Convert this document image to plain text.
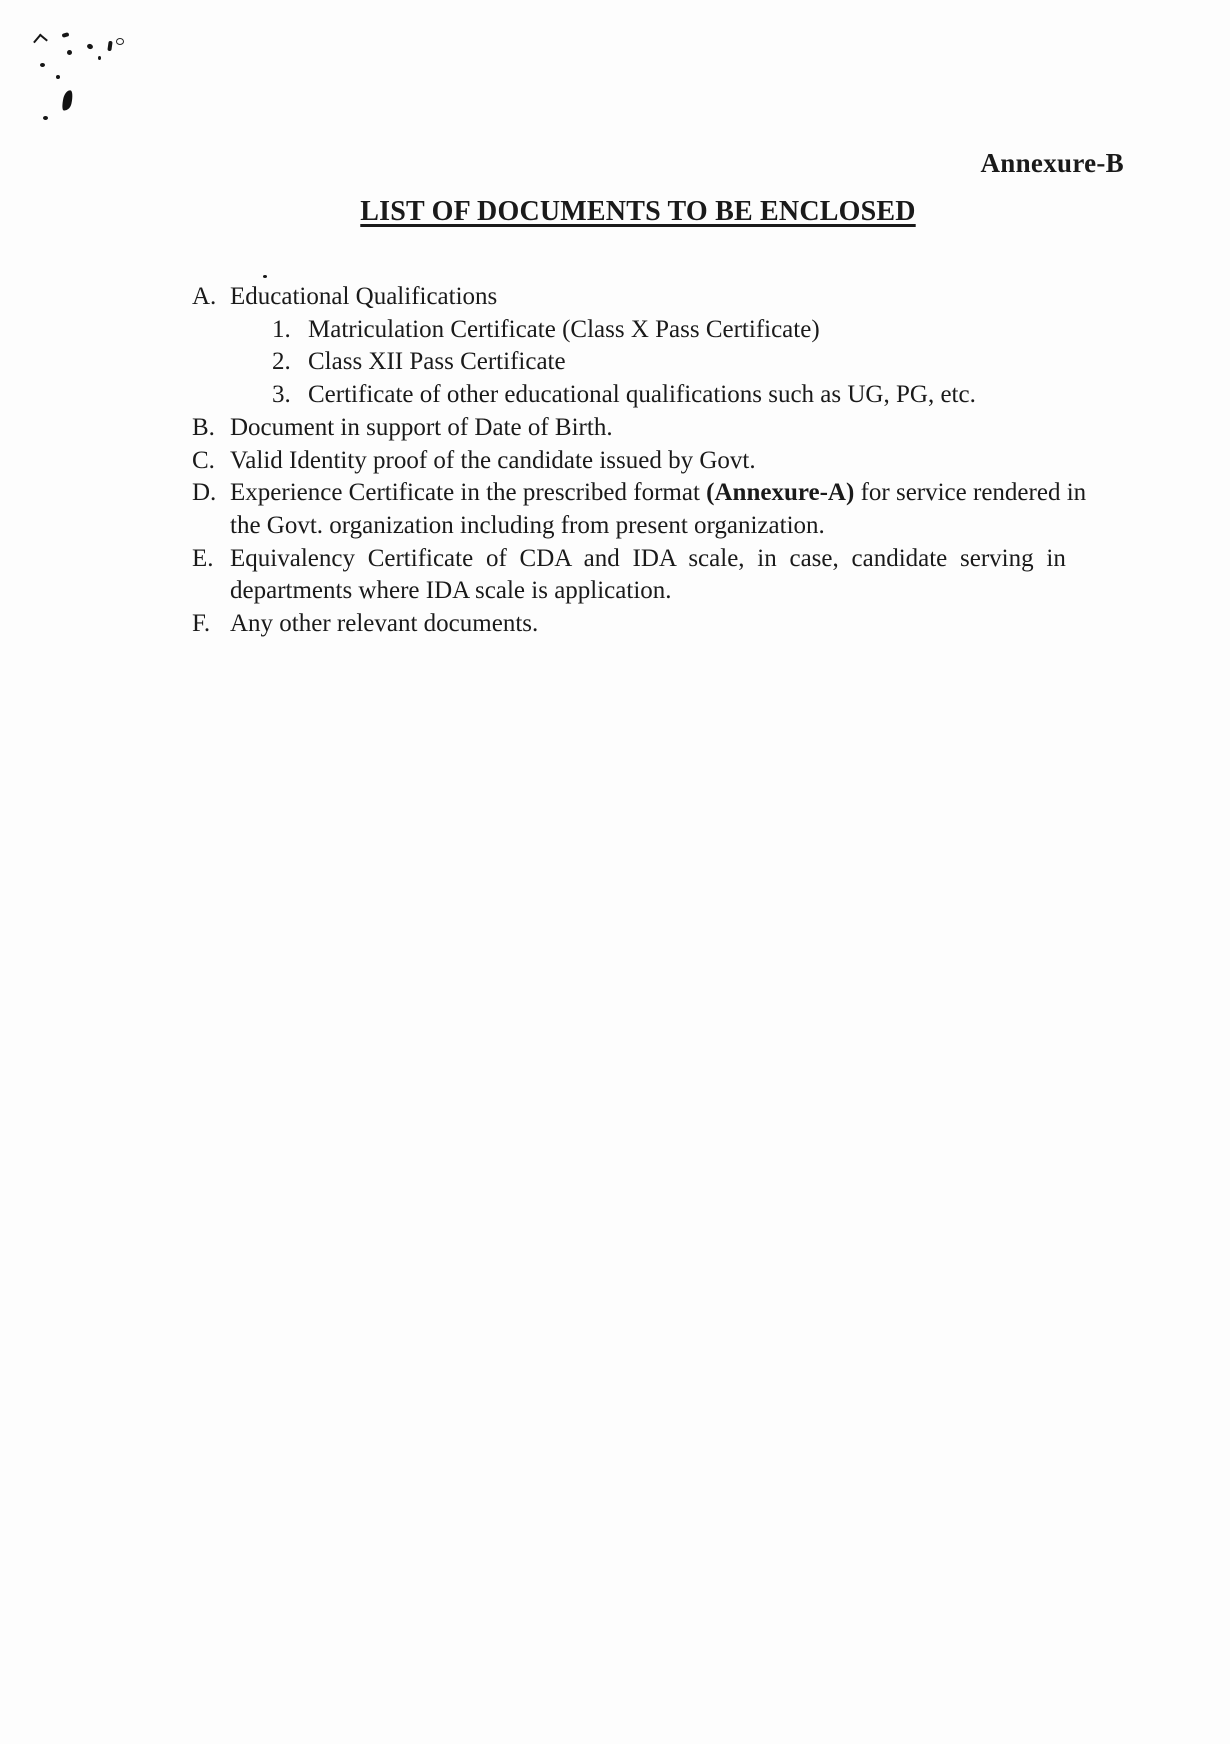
Annexure-B
LIST OF DOCUMENTS TO BE ENCLOSED
A. Educational Qualifications
1. Matriculation Certificate (Class X Pass Certificate)
2. Class XII Pass Certificate
3. Certificate of other educational qualifications such as UG, PG, etc.
B. Document in support of Date of Birth.
C. Valid Identity proof of the candidate issued by Govt.
D. Experience Certificate in the prescribed format (Annexure-A) for service rendered in
the Govt. organization including from present organization.
E. Equivalency Certificate of CDA and IDA scale, in case, candidate serving in
departments where IDA scale is application.
F. Any other relevant documents.
